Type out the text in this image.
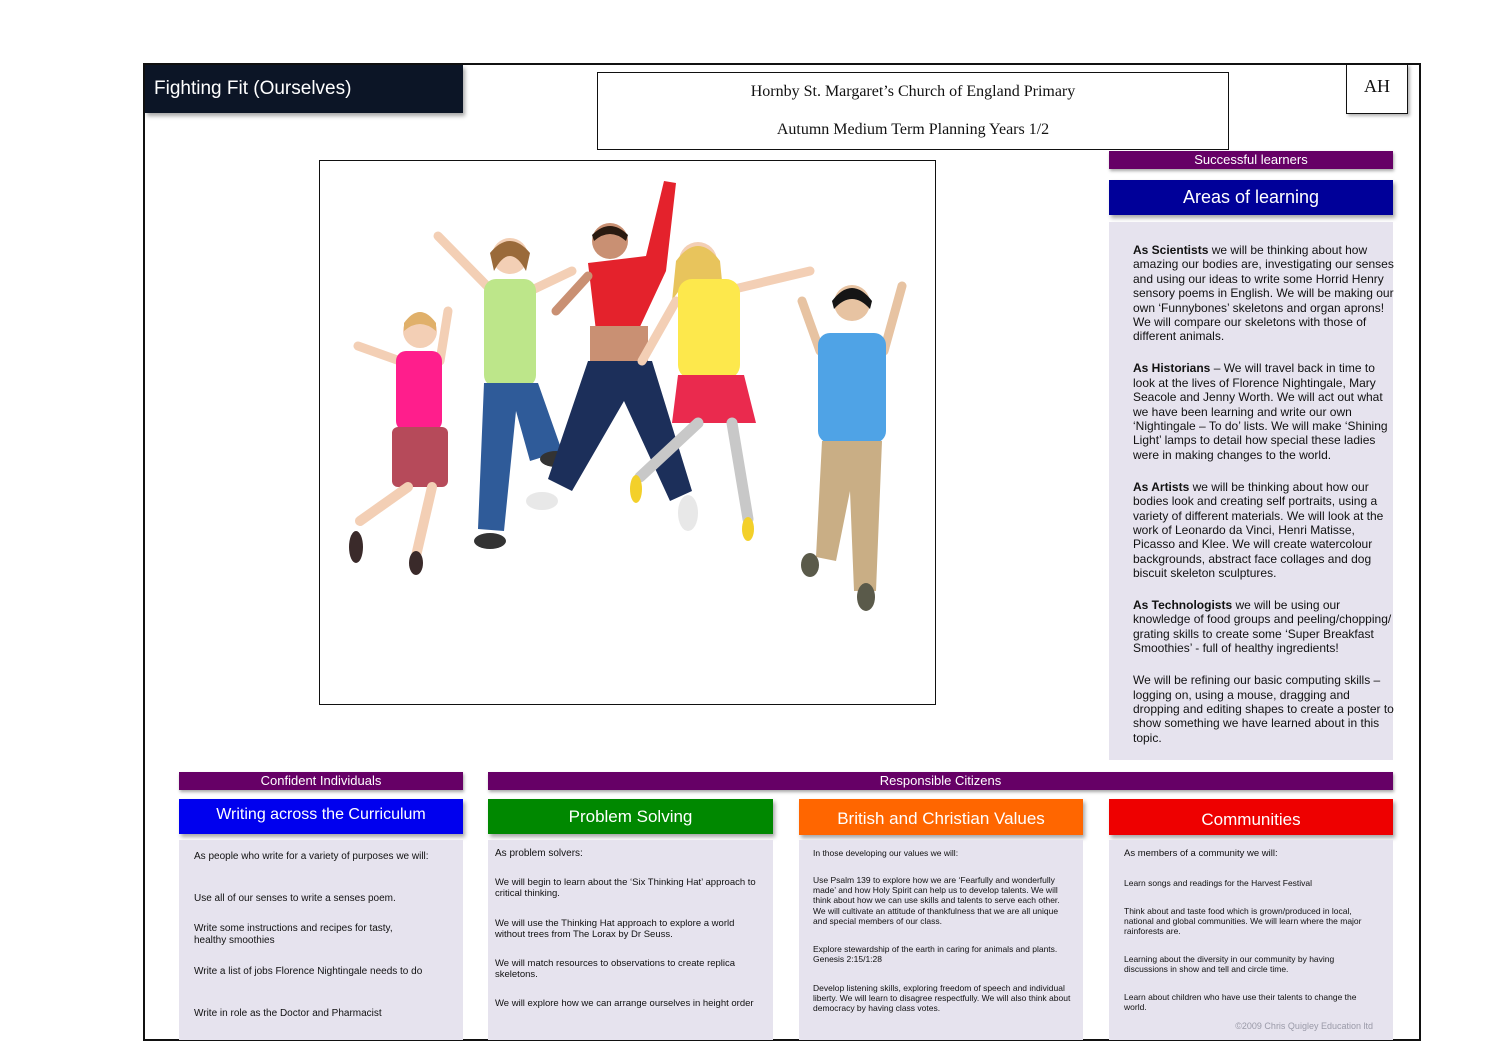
Fighting Fit (Ourselves)	Hornby St. Margaret’s Church of England Primary
Autumn Medium Term Planning Years 1/2
AH
Successful learners
Areas of learning

As Scientists we will be thinking about how amazing our bodies are, investigating our senses and using our ideas to write some Horrid Henry sensory poems in English. We will be making our own ‘Funnybones’ skeletons and organ aprons! We will compare our skeletons with those of different animals.

As Historians – We will travel back in time to look at the lives of Florence Nightingale, Mary Seacole and Jenny Worth. We will act out what we have been learning and write our own ‘Nightingale – To do’ lists. We will make ‘Shining Light’ lamps to detail how special these ladies were in making changes to the world.

As Artists we will be thinking about how our bodies look and creating self portraits, using a variety of different materials. We will look at the work of Leonardo da Vinci, Henri Matisse, Picasso and Klee. We will create watercolour backgrounds, abstract face collages and dog biscuit skeleton sculptures.

As Technologists we will be using our knowledge of food groups and peeling/chopping/ grating skills to create some ‘Super Breakfast Smoothies’ - full of healthy ingredients!

We will be refining our basic computing skills – logging on, using a mouse, dragging and dropping and editing shapes to create a poster to show something we have learned about in this topic.

Confident Individuals	Responsible Citizens
Writing across the Curriculum

As people who write for a variety of purposes we will:

Use all of our senses to write a senses poem.

Write some instructions and recipes for tasty, healthy smoothies

Write a list of jobs Florence Nightingale needs to do

Write in role as the Doctor and Pharmacist

Problem Solving

As problem solvers:

We will begin to learn about the ‘Six Thinking Hat’ approach to critical thinking.

We will use the Thinking Hat approach to explore a world without trees from The Lorax by Dr Seuss.

We will match resources to observations to create replica skeletons.

We will explore how we can arrange ourselves in height order

British and Christian Values

In those developing our values we will:

Use Psalm 139 to explore how we are ‘Fearfully and wonderfully made’ and how Holy Spirit can help us to develop talents. We will think about how we can use skills and talents to serve each other. We will cultivate an attitude of thankfulness that we are all unique and special members of our class.

Explore stewardship of the earth in caring for animals and plants. Genesis 2:15/1:28

Develop listening skills, exploring freedom of speech and individual liberty. We will learn to disagree respectfully. We will also think about democracy by having class votes.

Communities

As members of a community we will:

Learn songs and readings for the Harvest Festival

Think about and taste food which is grown/produced in local, national and global communities. We will learn where the major rainforests are.

Learning about the diversity in our community by having discussions in show and tell and circle time.

Learn about children who have use their talents to change the world.

©2009 Chris Quigley Education ltd
